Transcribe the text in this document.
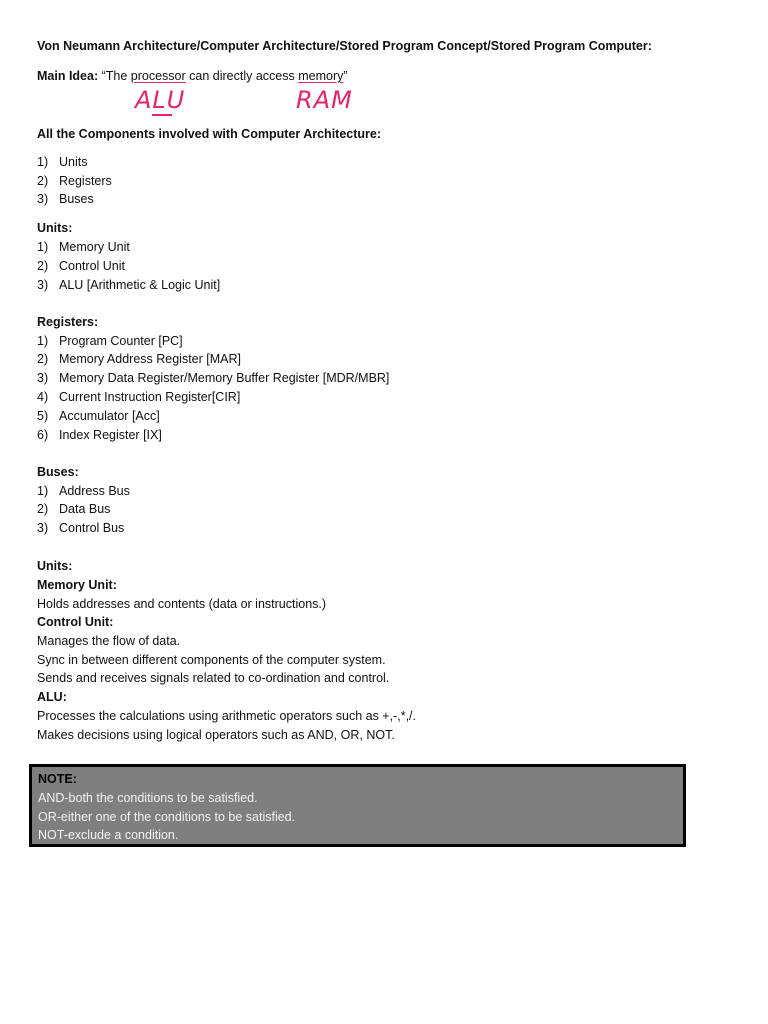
Von Neumann Architecture/Computer Architecture/Stored Program Concept/Stored Program Computer:
Main Idea: “The processor can directly access memory”
ALU	RAM
All the Components involved with Computer Architecture:
1) Units
2) Registers
3) Buses
Units:
1) Memory Unit
2) Control Unit
3) ALU [Arithmetic & Logic Unit]
Registers:
1) Program Counter [PC]
2) Memory Address Register [MAR]
3) Memory Data Register/Memory Buffer Register [MDR/MBR]
4) Current Instruction Register[CIR]
5) Accumulator [Acc]
6) Index Register [IX]
Buses:
1) Address Bus
2) Data Bus
3) Control Bus
Units:
Memory Unit:
Holds addresses and contents (data or instructions.)
Control Unit:
Manages the flow of data.
Sync in between different components of the computer system.
Sends and receives signals related to co-ordination and control.
ALU:
Processes the calculations using arithmetic operators such as +,-,*,/.
Makes decisions using logical operators such as AND, OR, NOT.
NOTE:
AND-both the conditions to be satisfied.
OR-either one of the conditions to be satisfied.
NOT-exclude a condition.
